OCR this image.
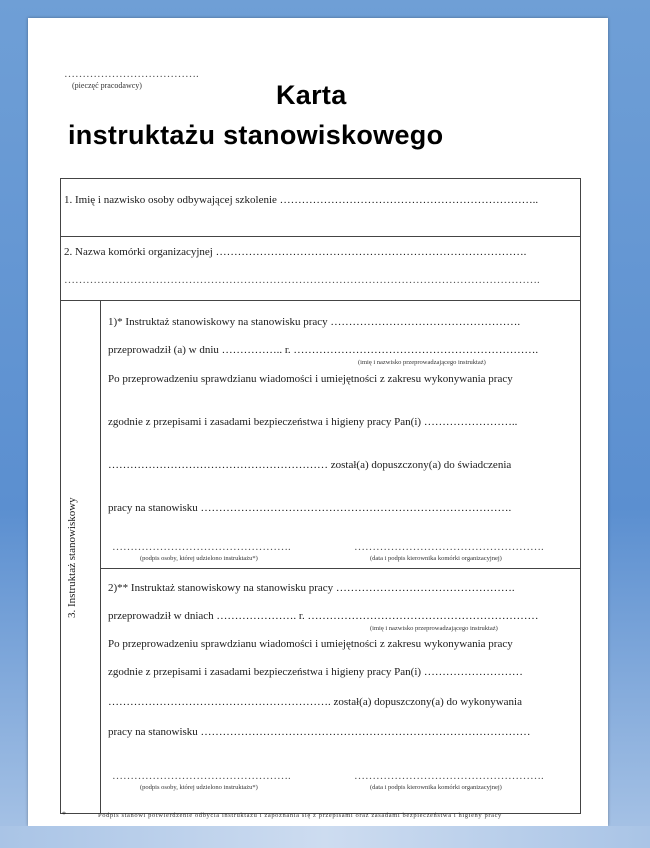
……………………………….
(pieczęć pracodawcy)	Karta
instruktażu stanowiskowego
1. Imię i nazwisko osoby odbywającej szkolenie ……………………………………………………………..
2. Nazwa komórki organizacyjnej ………………………………………………………………………….
………………………………………………………………………………………………………………….
3. Instruktaż stanowiskowy
1)* Instruktaż stanowiskowy na stanowisku pracy …………………………………………….
przeprowadził (a) w dniu …………….. r. ………………………………………………………….
(imię i nazwisko przeprowadzającego instruktaż)
Po przeprowadzeniu sprawdzianu wiadomości i umiejętności z zakresu wykonywania pracy
zgodnie z przepisami i zasadami bezpieczeństwa i higieny pracy Pan(i) ……………………..
…………………………………………………… został(a) dopuszczony(a) do świadczenia
pracy na stanowisku ………………………………………………………………………….
………………………………………….
(podpis osoby, której udzielono instruktażu*)
…………………………………………….
(data i podpis kierownika komórki organizacyjnej)
2)** Instruktaż stanowiskowy na stanowisku pracy ………………………………………….
przeprowadził w dniach …………………. r. ………………………………………………………
(imię i nazwisko przeprowadzającego instruktaż)
Po przeprowadzeniu sprawdzianu wiadomości i umiejętności z zakresu wykonywania pracy
zgodnie z przepisami i zasadami bezpieczeństwa i higieny pracy Pan(i) ………………………
……………………………………………………. został(a) dopuszczony(a) do wykonywania
pracy na stanowisku ………………………………………………………………………………
………………………………………….
(podpis osoby, której udzielono instruktażu*)
…………………………………………….
(data i podpis kierownika komórki organizacyjnej)
*	Podpis stanowi potwierdzenie odbycia instruktażu i zapoznania się z przepisami oraz zasadami bezpieczeństwa i higieny pracy
